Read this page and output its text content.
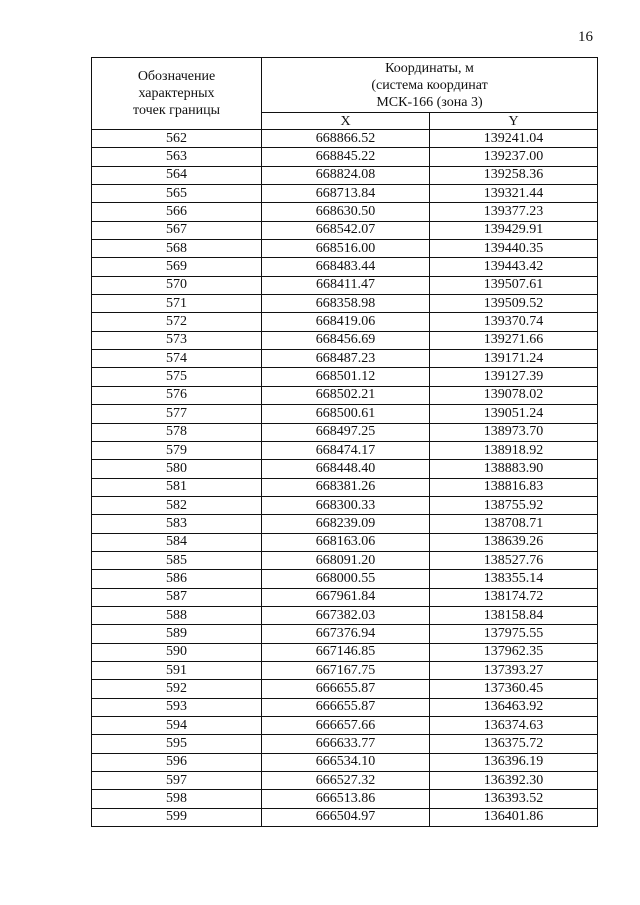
16
Обозначение
характерных
точек границы	Координаты, м
(система координат
МСК-166 (зона 3)	

	X	Y
562	668866.52	139241.04
563	668845.22	139237.00
564	668824.08	139258.36
565	668713.84	139321.44
566	668630.50	139377.23
567	668542.07	139429.91
568	668516.00	139440.35
569	668483.44	139443.42
570	668411.47	139507.61
571	668358.98	139509.52
572	668419.06	139370.74
573	668456.69	139271.66
574	668487.23	139171.24
575	668501.12	139127.39
576	668502.21	139078.02
577	668500.61	139051.24
578	668497.25	138973.70
579	668474.17	138918.92
580	668448.40	138883.90
581	668381.26	138816.83
582	668300.33	138755.92
583	668239.09	138708.71
584	668163.06	138639.26
585	668091.20	138527.76
586	668000.55	138355.14
587	667961.84	138174.72
588	667382.03	138158.84
589	667376.94	137975.55
590	667146.85	137962.35
591	667167.75	137393.27
592	666655.87	137360.45
593	666655.87	136463.92
594	666657.66	136374.63
595	666633.77	136375.72
596	666534.10	136396.19
597	666527.32	136392.30
598	666513.86	136393.52
599	666504.97	136401.86
